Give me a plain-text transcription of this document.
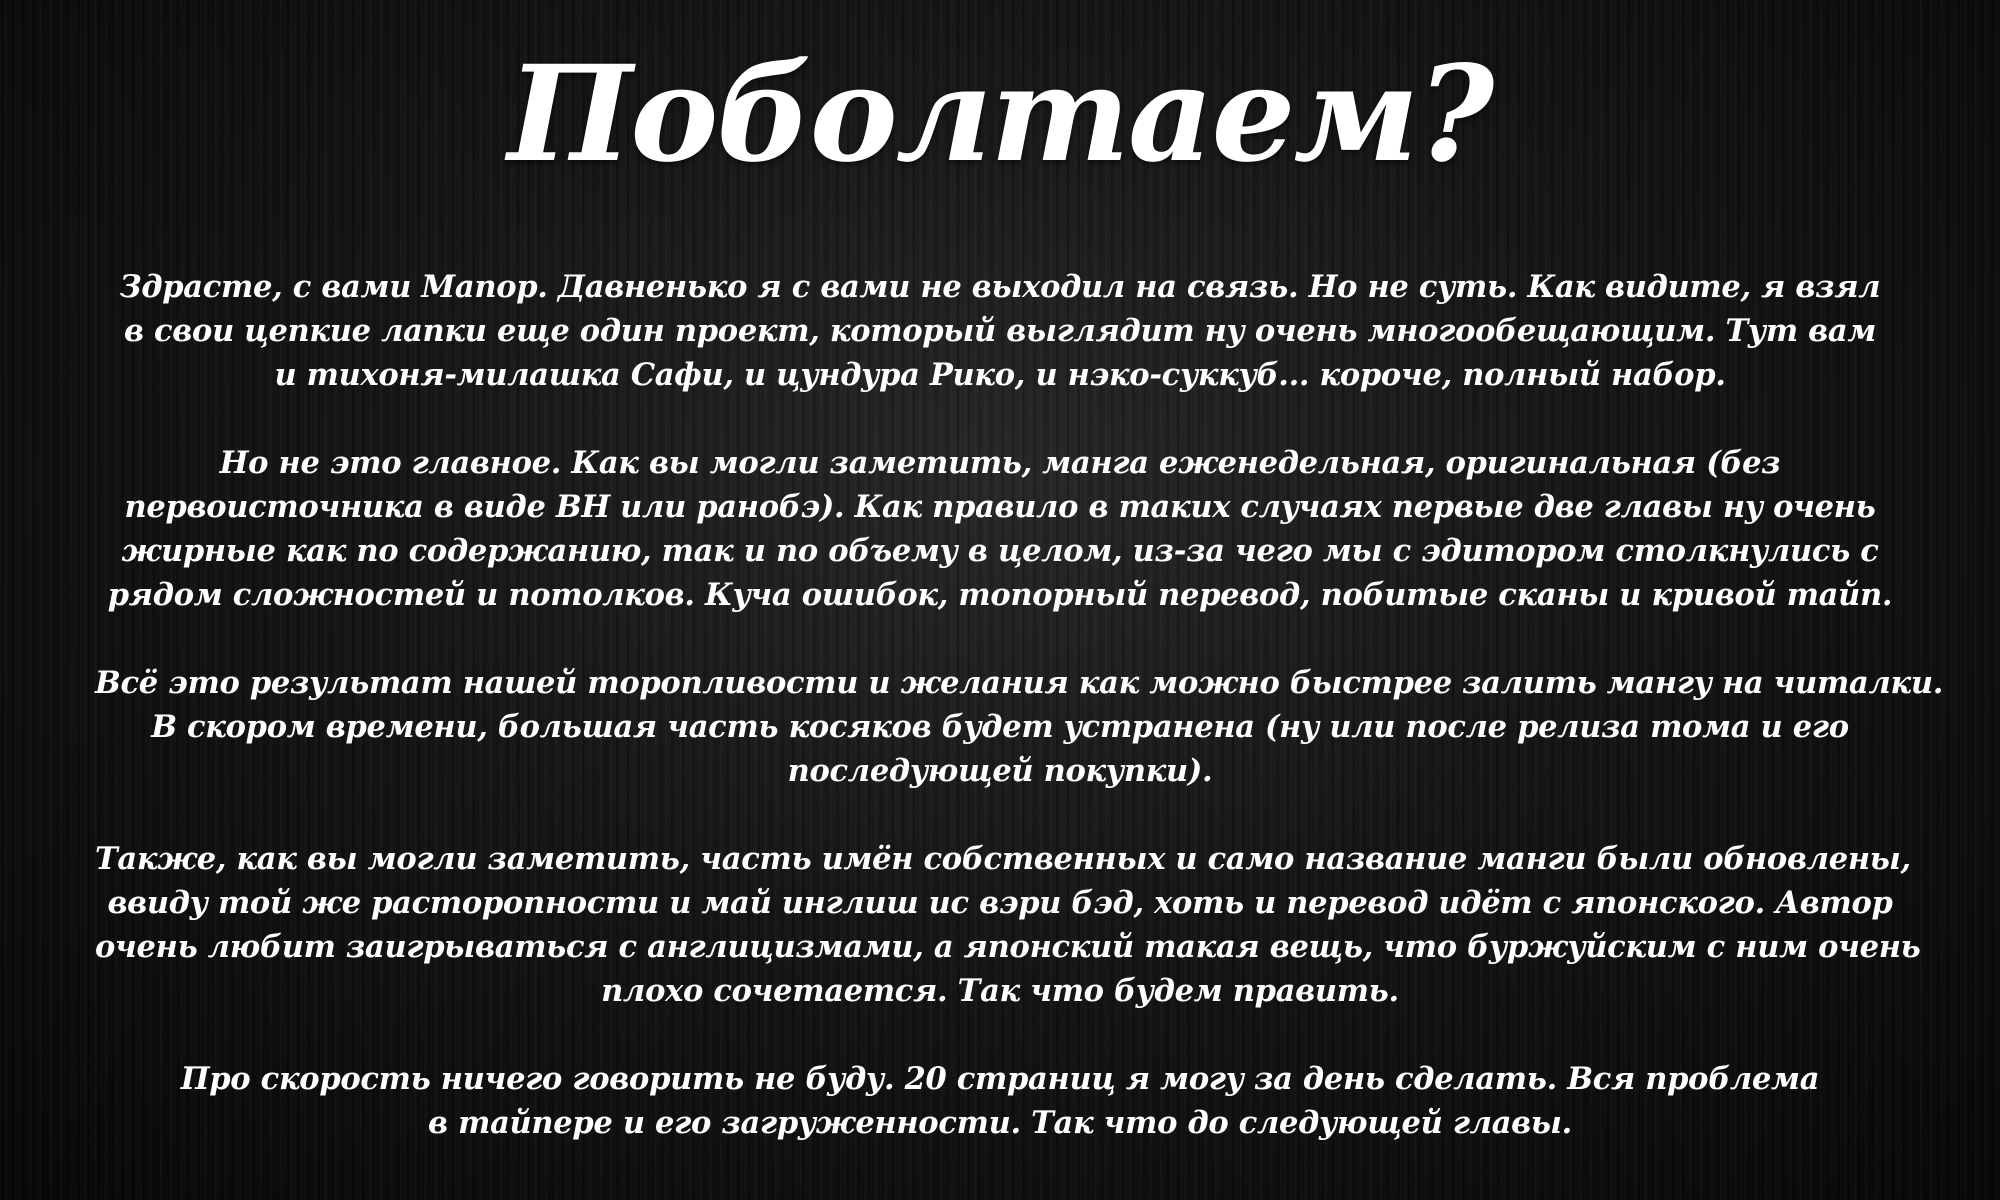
Поболтаем?

Здрасте, с вами Мапор. Давненько я с вами не выходил на связь. Но не суть. Как видите, я взял
в свои цепкие лапки еще один проект, который выглядит ну очень многообещающим. Тут вам
и тихоня-милашка Сафи, и цундура Рико, и нэко-суккуб... короче, полный набор.

Но не это главное. Как вы могли заметить, манга еженедельная, оригинальная (без
первоисточника в виде ВН или ранобэ). Как правило в таких случаях первые две главы ну очень
жирные как по содержанию, так и по объему в целом, из-за чего мы с эдитором столкнулись с
рядом сложностей и потолков. Куча ошибок, топорный перевод, побитые сканы и кривой тайп.

Всё это результат нашей торопливости и желания как можно быстрее залить мангу на читалки.
В скором времени, большая часть косяков будет устранена (ну или после релиза тома и его
последующей покупки).

Также, как вы могли заметить, часть имён собственных и само название манги были обновлены,
ввиду той же расторопности и май инглиш ис вэри бэд, хоть и перевод идёт с японского. Автор
очень любит заигрываться с англицизмами, а японский такая вещь, что буржуйским с ним очень
плохо сочетается. Так что будем править.

Про скорость ничего говорить не буду. 20 страниц я могу за день сделать. Вся проблема
в тайпере и его загруженности. Так что до следующей главы.
